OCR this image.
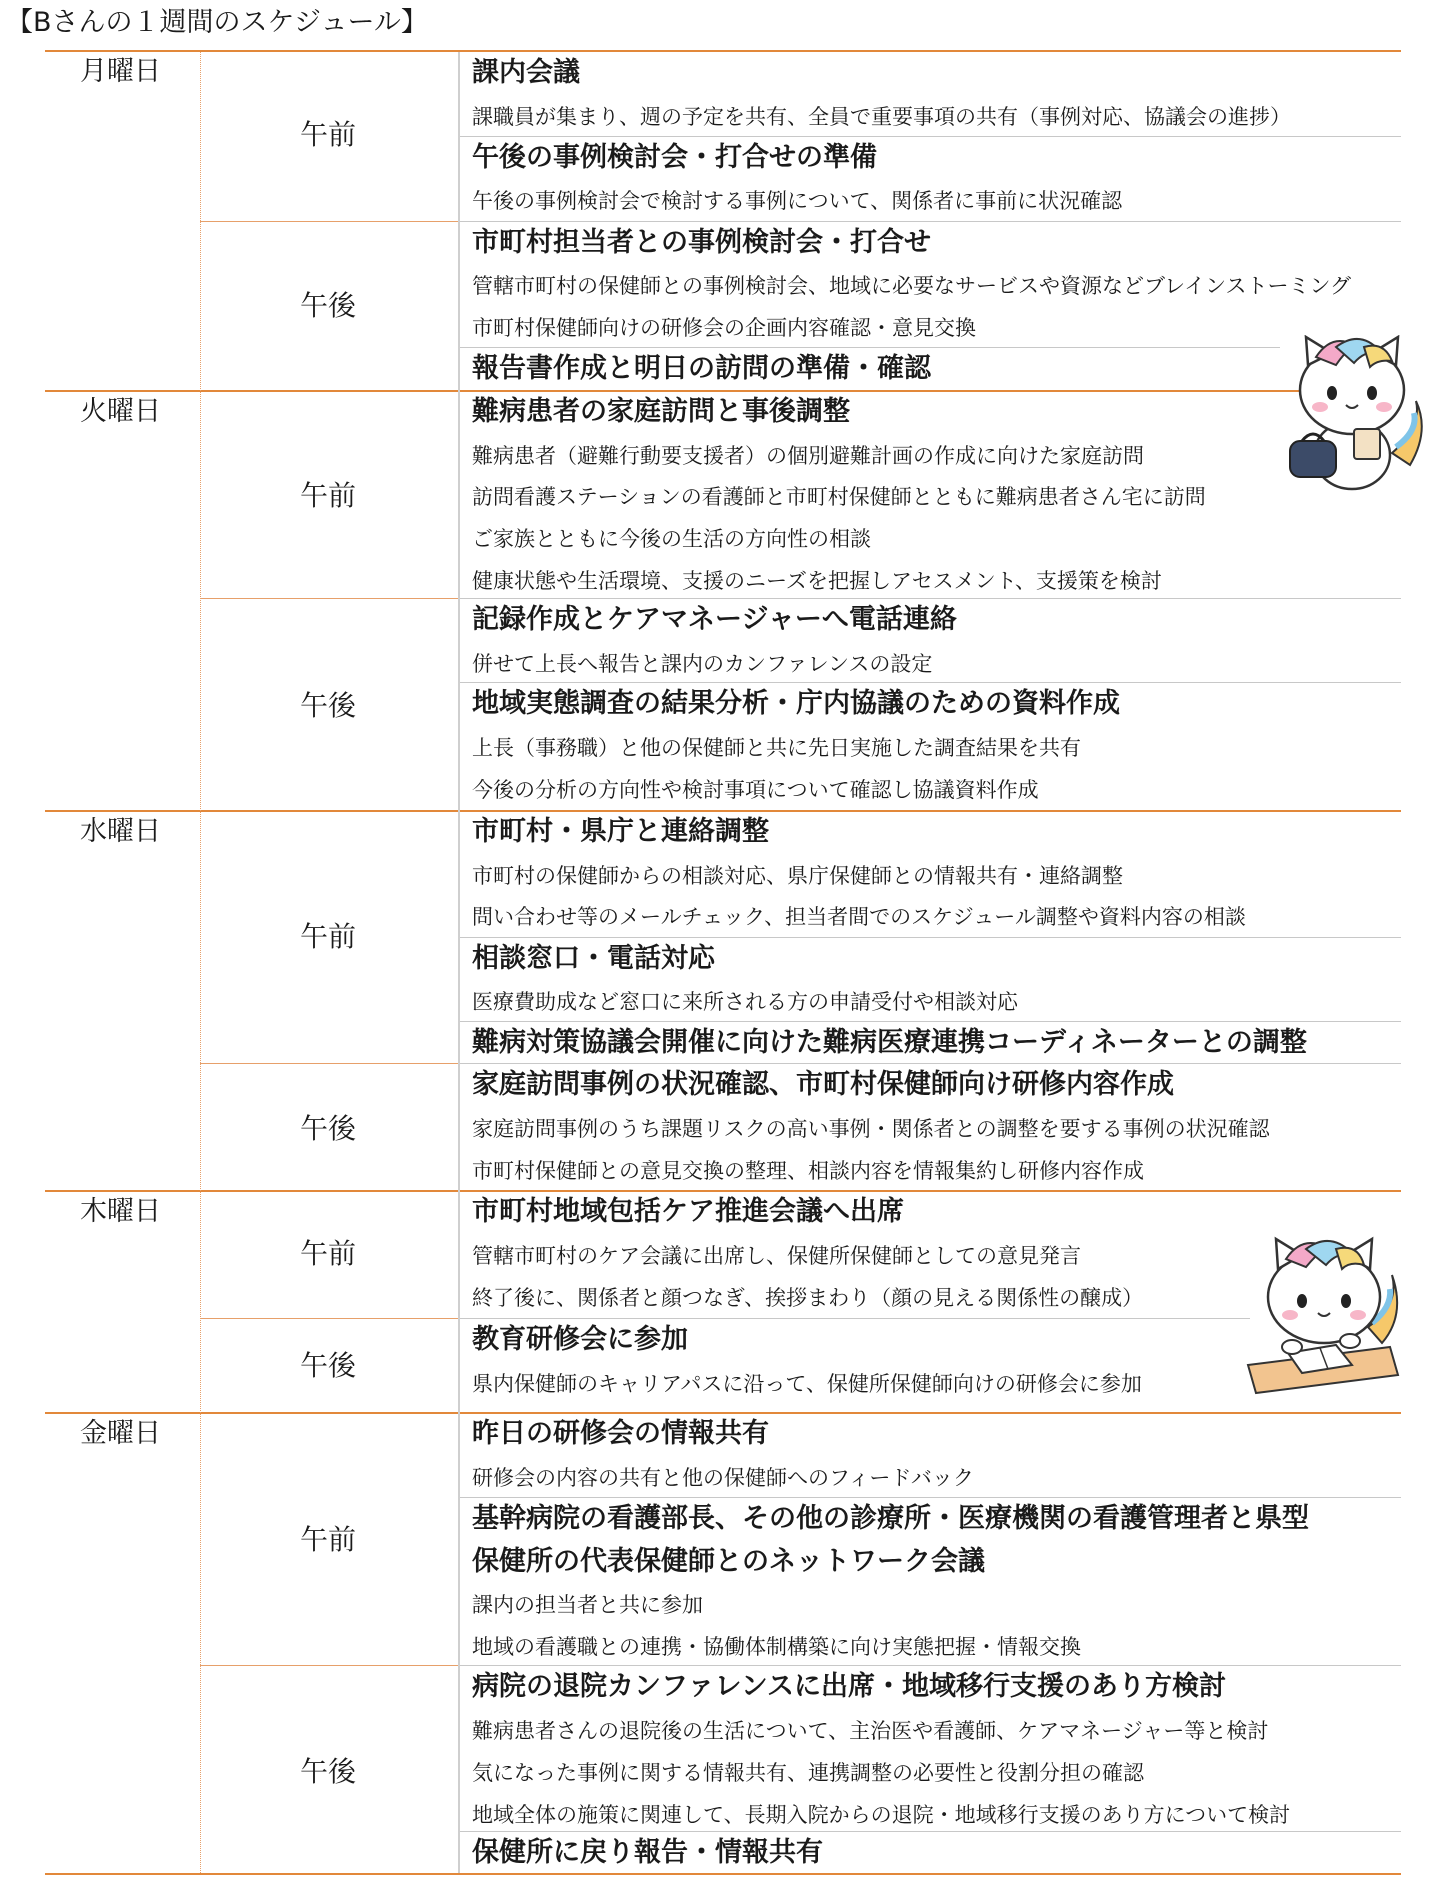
【Bさんの１週間のスケジュール】
月曜日
火曜日
水曜日
木曜日
金曜日
午前
午後
午前
午後
午前
午後
午前
午後
午前
午後
課内会議
課職員が集まり、週の予定を共有、全員で重要事項の共有（事例対応、協議会の進捗）
午後の事例検討会・打合せの準備
午後の事例検討会で検討する事例について、関係者に事前に状況確認
市町村担当者との事例検討会・打合せ
管轄市町村の保健師との事例検討会、地域に必要なサービスや資源などブレインストーミング
市町村保健師向けの研修会の企画内容確認・意見交換
報告書作成と明日の訪問の準備・確認
難病患者の家庭訪問と事後調整
難病患者（避難行動要支援者）の個別避難計画の作成に向けた家庭訪問
訪問看護ステーションの看護師と市町村保健師とともに難病患者さん宅に訪問
ご家族とともに今後の生活の方向性の相談
健康状態や生活環境、支援のニーズを把握しアセスメント、支援策を検討
記録作成とケアマネージャーへ電話連絡
併せて上長へ報告と課内のカンファレンスの設定
地域実態調査の結果分析・庁内協議のための資料作成
上長（事務職）と他の保健師と共に先日実施した調査結果を共有
今後の分析の方向性や検討事項について確認し協議資料作成
市町村・県庁と連絡調整
市町村の保健師からの相談対応、県庁保健師との情報共有・連絡調整
問い合わせ等のメールチェック、担当者間でのスケジュール調整や資料内容の相談
相談窓口・電話対応
医療費助成など窓口に来所される方の申請受付や相談対応
難病対策協議会開催に向けた難病医療連携コーディネーターとの調整
家庭訪問事例の状況確認、市町村保健師向け研修内容作成
家庭訪問事例のうち課題リスクの高い事例・関係者との調整を要する事例の状況確認
市町村保健師との意見交換の整理、相談内容を情報集約し研修内容作成
市町村地域包括ケア推進会議へ出席
管轄市町村のケア会議に出席し、保健所保健師としての意見発言
終了後に、関係者と顔つなぎ、挨拶まわり（顔の見える関係性の醸成）
教育研修会に参加
県内保健師のキャリアパスに沿って、保健所保健師向けの研修会に参加
昨日の研修会の情報共有
研修会の内容の共有と他の保健師へのフィードバック
基幹病院の看護部長、その他の診療所・医療機関の看護管理者と県型
保健所の代表保健師とのネットワーク会議
課内の担当者と共に参加
地域の看護職との連携・協働体制構築に向け実態把握・情報交換
病院の退院カンファレンスに出席・地域移行支援のあり方検討
難病患者さんの退院後の生活について、主治医や看護師、ケアマネージャー等と検討
気になった事例に関する情報共有、連携調整の必要性と役割分担の確認
地域全体の施策に関連して、長期入院からの退院・地域移行支援のあり方について検討
保健所に戻り報告・情報共有
